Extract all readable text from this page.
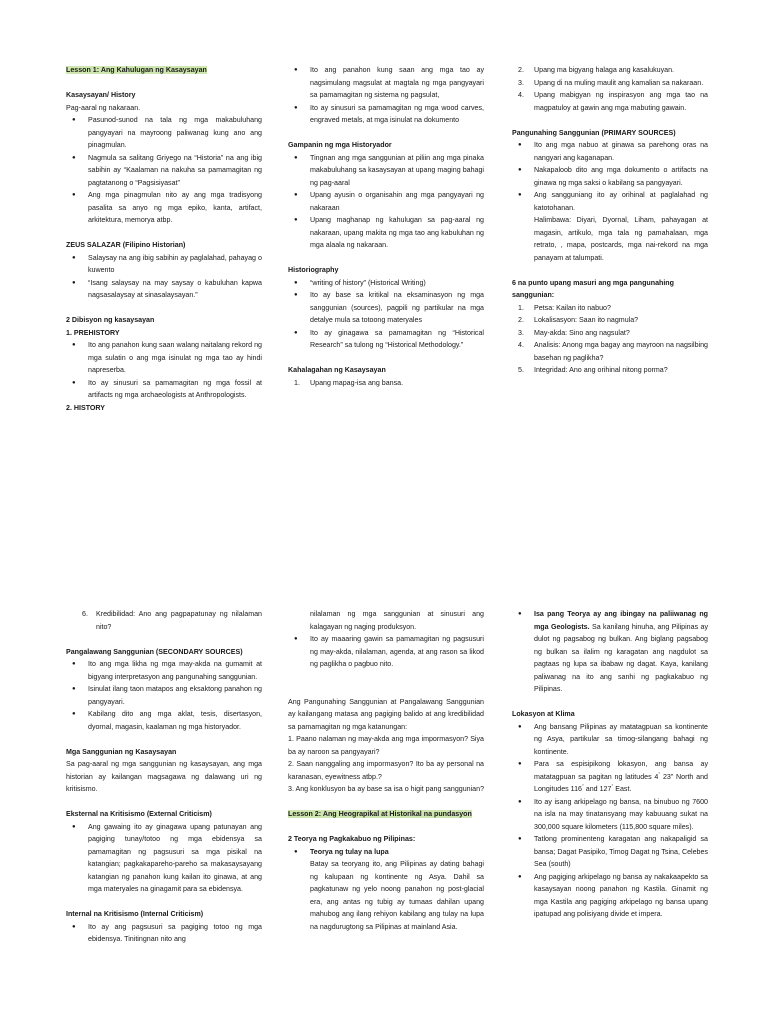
Lesson 1: Ang Kahulugan ng Kasaysayan

Kasaysayan/ History

Pag-aaral ng nakaraan.

● Pasunod-sunod na tala ng mga makabuluhang pangyayari na mayroong paliwanag kung ano ang pinagmulan.
● Nagmula sa salitang Griyego na “Historia” na ang ibig sabihin ay “Kaalaman na nakuha sa pamamagitan ng pagtatanong o “Pagsisiyasat”
● Ang mga pinagmulan nito ay ang mga tradisyong pasalita sa anyo ng mga epiko, kanta, artifact, arkitektura, memorya atbp.

ZEUS SALAZAR (Filipino Historian)

● Salaysay na ang ibig sabihin ay paglalahad, pahayag o kuwento
● “Isang salaysay na may saysay o kabuluhan kapwa nagsasalaysay at sinasalaysayan.”

2 Dibisyon ng kasaysayan

1. PREHISTORY

● Ito ang panahon kung saan walang naitalang rekord ng mga sulatin o ang mga isinulat ng mga tao ay hindi napreserba.
● Ito ay sinusuri sa pamamagitan ng mga fossil at artifacts ng mga archaeologists at Anthropologists.

2. HISTORY

● Ito ang panahon kung saan ang mga tao ay nagsimulang magsulat at magtala ng mga pangyayari sa pamamagitan ng sistema ng pagsulat,
● Ito ay sinusuri sa pamamagitan ng mga wood carves, engraved metals, at mga isinulat na dokumento

Gampanin ng mga Historyador

● Tingnan ang mga sanggunian at piliin ang mga pinaka makabuluhang sa kasaysayan at upang maging bahagi ng pag-aaral
● Upang ayusin o organisahin ang mga pangyayari ng nakaraan
● Upang maghanap ng kahulugan sa pag-aaral ng nakaraan, upang makita ng mga tao ang kabuluhan ng mga alaala ng nakaraan.

Historiography

● “writing of history” (Historical Writing)
● Ito ay base sa kritikal na eksaminasyon ng mga sanggunian (sources), pagpili ng partikular na mga detalye mula sa totoong materyales
● Ito ay ginagawa sa pamamagitan ng “Historical Research” sa tulong ng “Historical Methodology.”

Kahalagahan ng Kasaysayan

1. Upang mapag-isa ang bansa.
2. Upang ma bigyang halaga ang kasalukuyan.
3. Upang di na muling maulit ang kamalian sa nakaraan.
4. Upang mabigyan ng inspirasyon ang mga tao na magpatuloy at gawin ang mga mabuting gawain.

Pangunahing Sanggunian (PRIMARY SOURCES)

● Ito ang mga nabuo at ginawa sa parehong oras na nangyari ang kaganapan.
● Nakapaloob dito ang mga dokumento o artifacts na ginawa ng mga saksi o kabilang sa pangyayari.
● Ang sangguniang ito ay orihinal at paglalahad ng katotohanan.

Halimbawa: Diyari, Dyornal, Liham, pahayagan at magasin, artikulo, mga tala ng pamahalaan, mga retrato, , mapa, postcards, mga nai-rekord na mga panayam at talumpati.

6 na punto upang masuri ang mga pangunahing sanggunian:

1. Petsa: Kailan ito nabuo?
2. Lokalisasyon: Saan ito nagmula?
3. May-akda: Sino ang nagsulat?
4. Analisis: Anong mga bagay ang mayroon na nagsilbing basehan ng paglikha?
5. Integridad: Ano ang orihinal nitong porma?
6. Kredibilidad: Ano ang pagpapatunay ng nilalaman nito?

Pangalawang Sanggunian (SECONDARY SOURCES)

● Ito ang mga likha ng mga may-akda na gumamit at bigyang interpretasyon ang pangunahing sanggunian.
● Isinulat ilang taon matapos ang eksaktong panahon ng pangyayari.
● Kabilang dito ang mga aklat, tesis, disertasyon, dyornal, magasin, kaalaman ng mga historyador.

Mga Sanggunian ng Kasaysayan

Sa pag-aaral ng mga sanggunian ng kasaysayan, ang mga historian ay kailangan magsagawa ng dalawang uri ng kritisismo.

Eksternal na Kritisismo (External Criticism)

● Ang gawaing ito ay ginagawa upang patunayan ang pagiging tunay/totoo ng mga ebidensya sa pamamagitan ng pagsusuri sa mga pisikal na katangian; pagkakapareho-pareho sa makasaysayang katangian ng panahon kung kailan ito ginawa, at ang mga materyales na ginagamit para sa ebidensya.

Internal na Kritisismo (Internal Criticism)

● Ito ay ang pagsusuri sa pagiging totoo ng mga ebidensya. Tinitingnan nito ang

nilalaman ng mga sanggunian at sinusuri ang kalagayan ng naging produksyon.

● Ito ay maaaring gawin sa pamamagitan ng pagsusuri ng may-akda, nilalaman, agenda, at ang rason sa likod ng paglikha o pagbuo nito.

Ang Pangunahing Sanggunian at Pangalawang Sanggunian ay kailangang matasa ang pagiging balido at ang kredibilidad sa pamamagitan ng mga katanungan:

1. Paano nalaman ng may-akda ang mga impormasyon? Siya ba ay naroon sa pangyayari?

2. Saan nanggaling ang impormasyon? Ito ba ay personal na karanasan, eyewitness atbp.?

3. Ang konklusyon ba ay base sa isa o higit pang sanggunian?

Lesson 2: Ang Heograpikal at Historikal na pundasyon

2 Teorya ng Pagkakabuo ng Pilipinas:

● Teorya ng tulay na lupa

Batay sa teoryang ito, ang Pilipinas ay dating bahagi ng kalupaan ng kontinente ng Asya. Dahil sa pagkatunaw ng yelo noong panahon ng post-glacial era, ang antas ng tubig ay tumaas dahilan upang mahubog ang ilang rehiyon kabilang ang tulay na lupa na nagdurugtong sa Pilipinas at mainland Asia.

● Isa pang Teorya ay ang ibingay na paliiwanag ng mga Geologists. Sa kanilang hinuha, ang Pilipinas ay dulot ng pagsabog ng bulkan. Ang biglang pagsabog ng bulkan sa ilalim ng karagatan ang nagdulot sa pagtaas ng lupa sa ibabaw ng dagat. Kaya, kanilang paliwanag na ito ang sanhi ng pagkakabuo ng Pilipinas.

Lokasyon at Klima

● Ang bansang Pilipinas ay matatagpuan sa kontinente ng Asya, partikular sa timog-silangang bahagi ng kontinente.
● Para sa espisipikong lokasyon, ang bansa ay matatagpuan sa pagitan ng latitudes 4° 23” North and Longitudes 116° and 127° East.
● Ito ay isang arkipelago ng bansa, na binubuo ng 7600 na isla na may tinatansyang may kabuuang sukat na 300,000 square kilometers (115,800 square miles).
● Tatlong prominenteng karagatan ang nakapaligid sa bansa; Dagat Pasipiko, Timog Dagat ng Tsina, Celebes Sea (south)
● Ang pagiging arkipelago ng bansa ay nakakaapekto sa kasaysayan noong panahon ng Kastila. Ginamit ng mga Kastila ang pagiging arkipelago ng bansa upang ipatupad ang polisiyang divide et impera.
